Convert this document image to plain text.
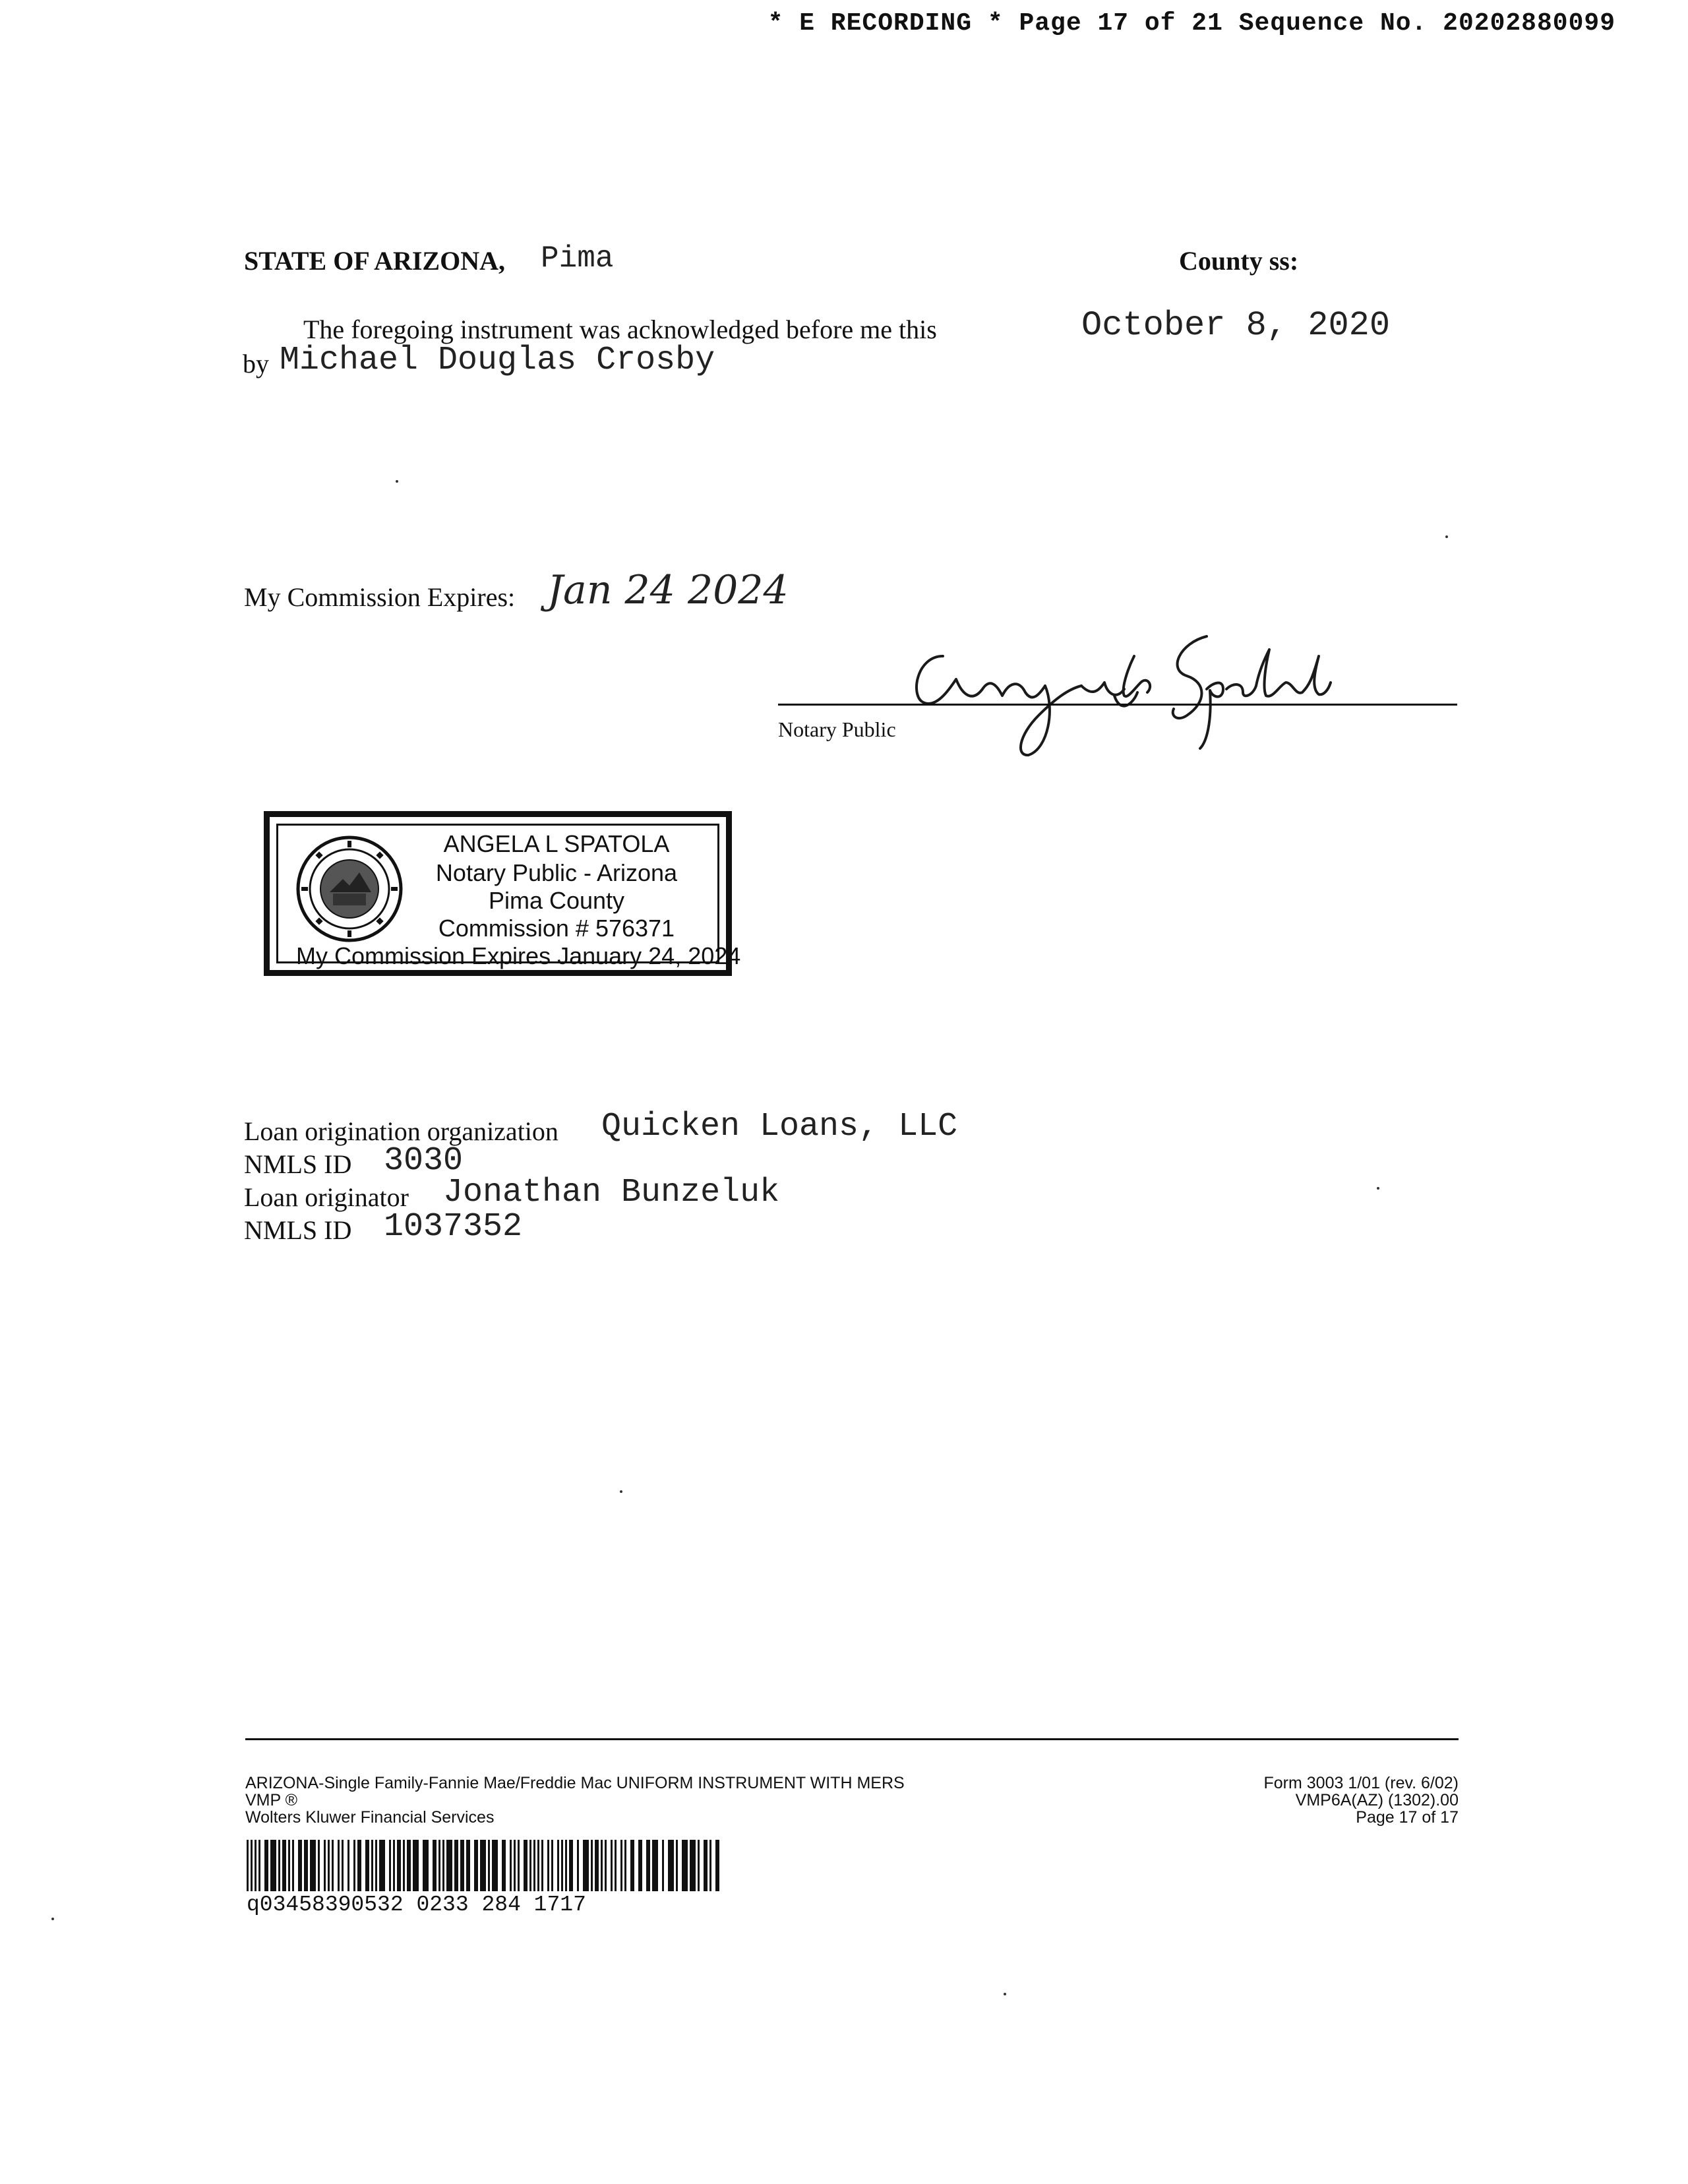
* E RECORDING * Page 17 of 21 Sequence No. 20202880099
STATE OF ARIZONA, Pima	County ss:
The foregoing instrument was acknowledged before me this	October 8, 2020
by Michael Douglas Crosby
My Commission Expires: Jan 24 2024
Angela L Spatola
Notary Public
ANGELA L SPATOLA
Notary Public - Arizona
Pima County
Commission # 576371
My Commission Expires January 24, 2024
Loan origination organization Quicken Loans, LLC
NMLS ID 3030
Loan originator Jonathan Bunzeluk
NMLS ID 1037352
ARIZONA-Single Family-Fannie Mae/Freddie Mac UNIFORM INSTRUMENT WITH MERS
VMP ®
Wolters Kluwer Financial Services
Form 3003 1/01 (rev. 6/02)
VMP6A(AZ) (1302).00
Page 17 of 17
q03458390532 0233 284 1717
